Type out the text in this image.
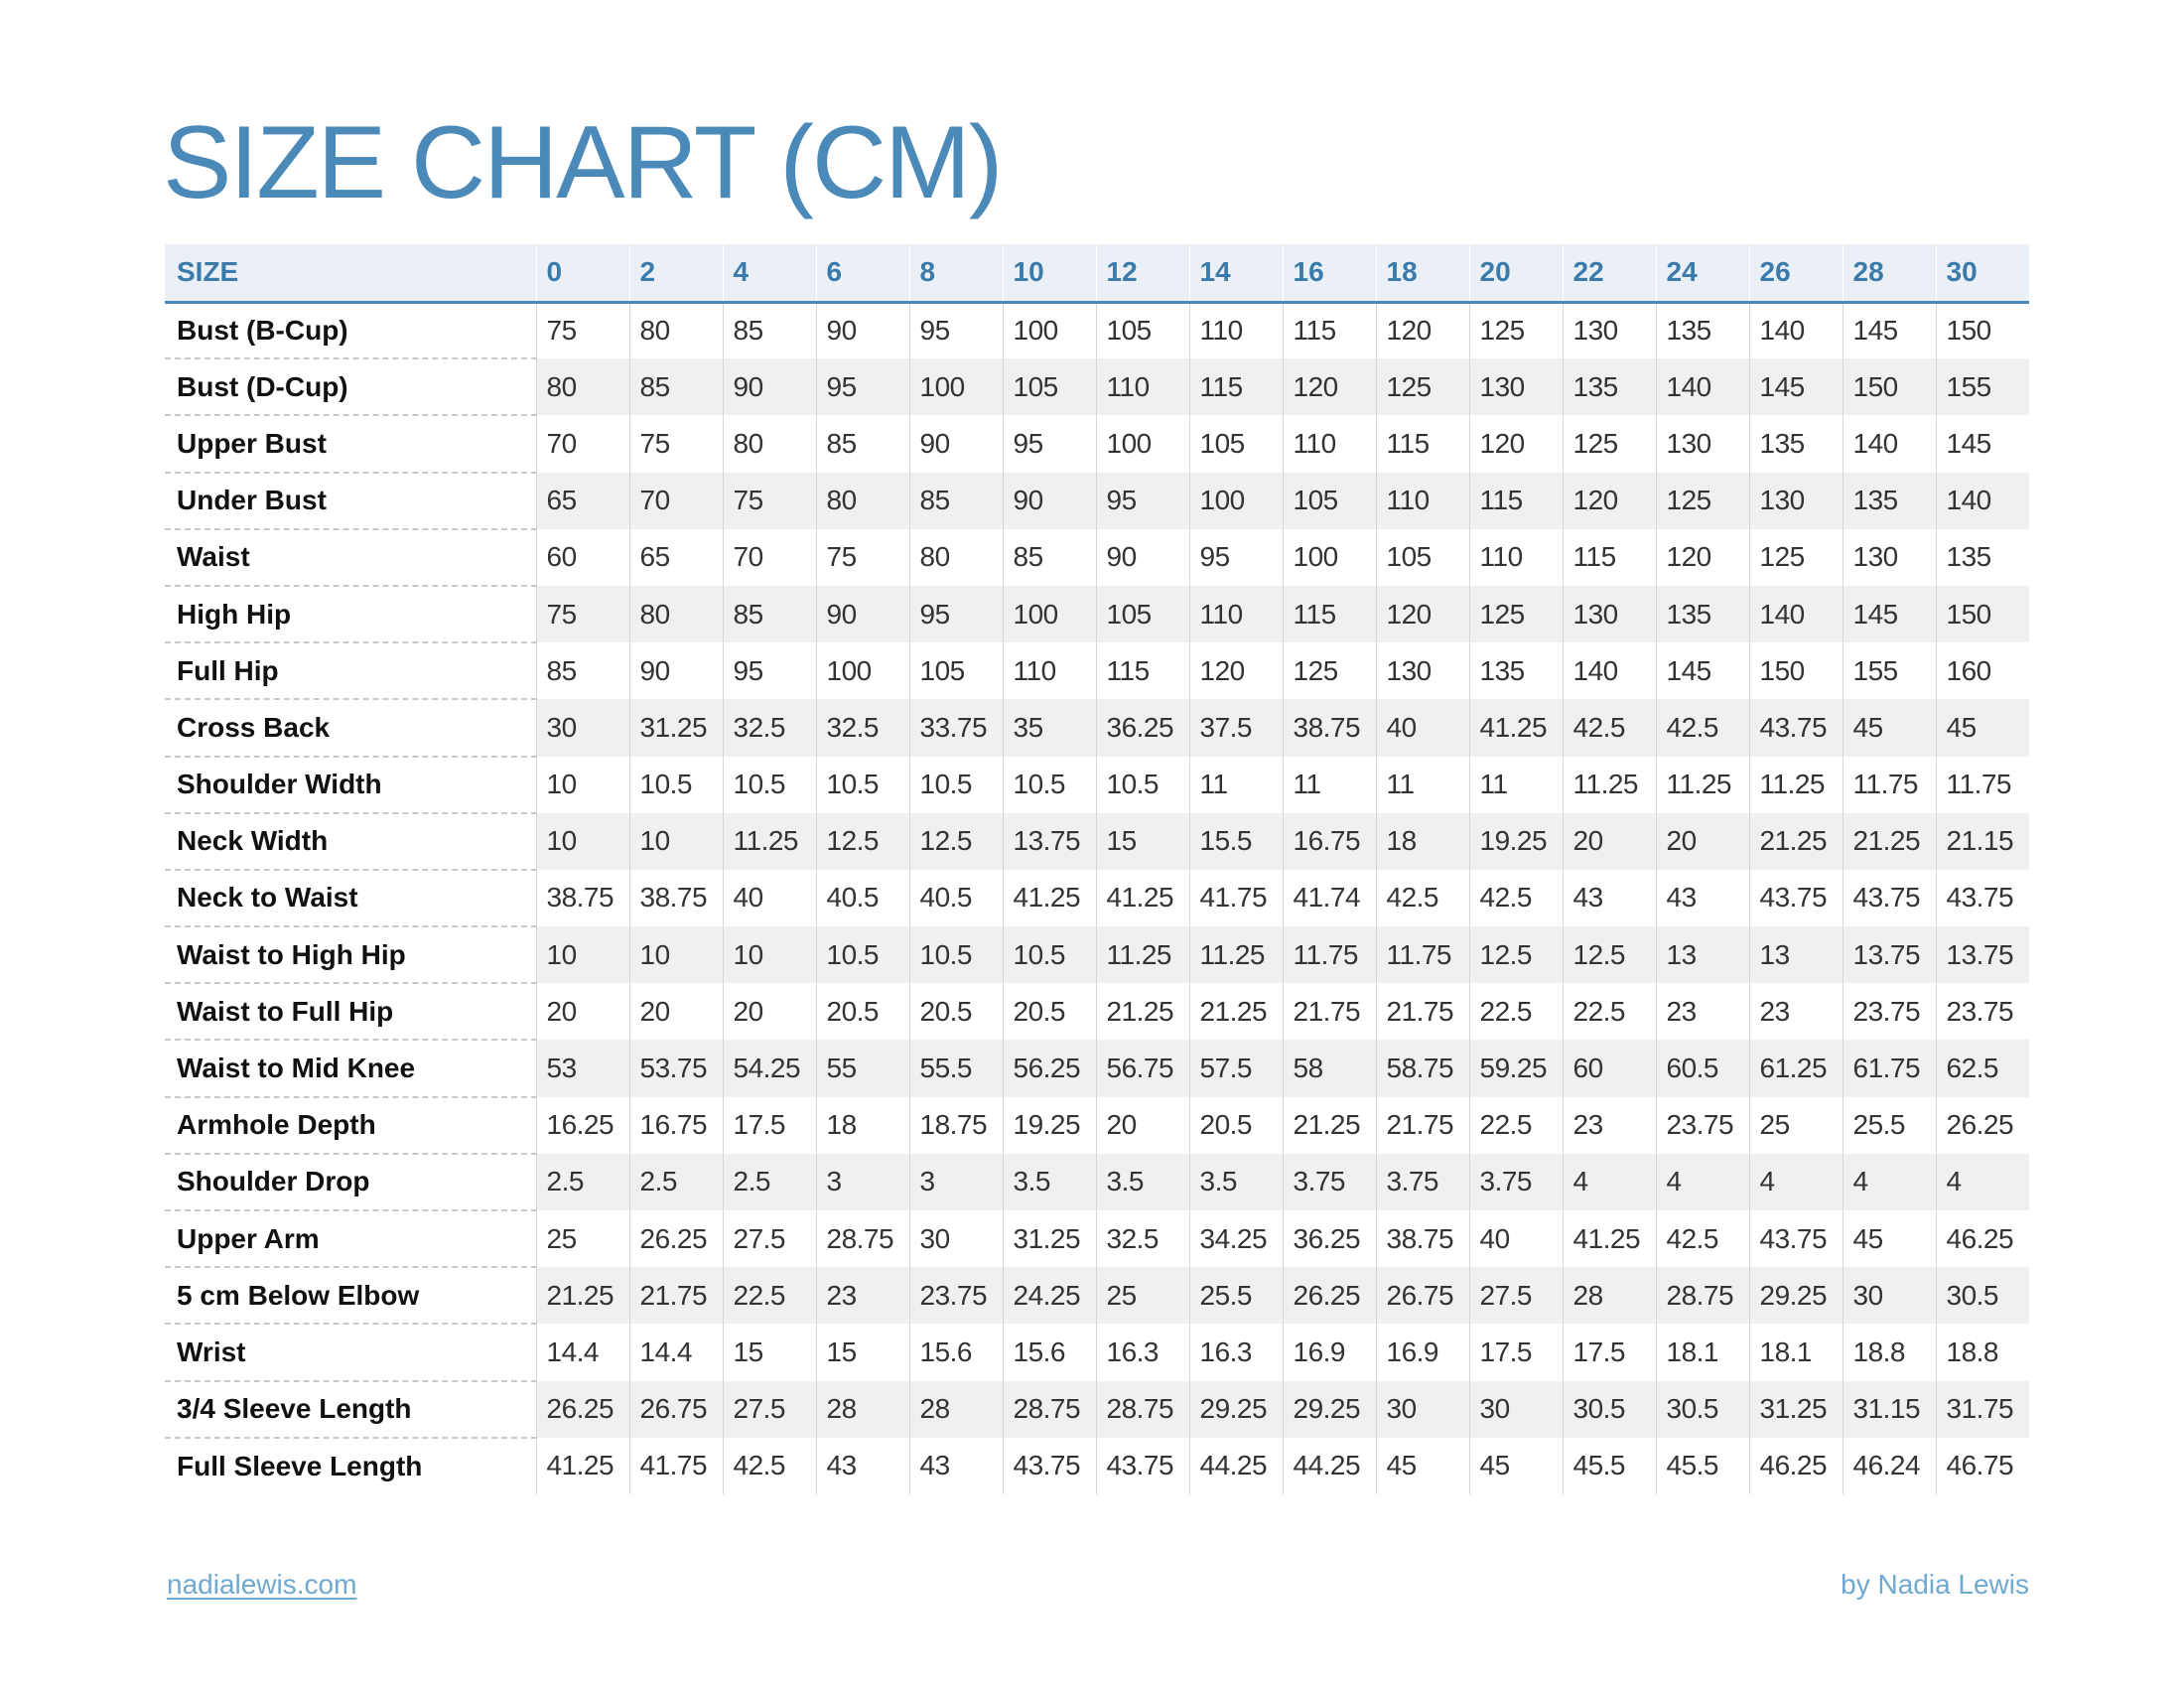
SIZE CHART (CM)
SIZE	0	2	4	6	8	10	12	14	16	18	20	22	24	26	28	30
Bust (B-Cup)	75	80	85	90	95	100	105	110	115	120	125	130	135	140	145	150
Bust (D-Cup)	80	85	90	95	100	105	110	115	120	125	130	135	140	145	150	155
Upper Bust	70	75	80	85	90	95	100	105	110	115	120	125	130	135	140	145
Under Bust	65	70	75	80	85	90	95	100	105	110	115	120	125	130	135	140
Waist	60	65	70	75	80	85	90	95	100	105	110	115	120	125	130	135
High Hip	75	80	85	90	95	100	105	110	115	120	125	130	135	140	145	150
Full Hip	85	90	95	100	105	110	115	120	125	130	135	140	145	150	155	160
Cross Back	30	31.25	32.5	32.5	33.75	35	36.25	37.5	38.75	40	41.25	42.5	42.5	43.75	45	45
Shoulder Width	10	10.5	10.5	10.5	10.5	10.5	10.5	11	11	11	11	11.25	11.25	11.25	11.75	11.75
Neck Width	10	10	11.25	12.5	12.5	13.75	15	15.5	16.75	18	19.25	20	20	21.25	21.25	21.15
Neck to Waist	38.75	38.75	40	40.5	40.5	41.25	41.25	41.75	41.74	42.5	42.5	43	43	43.75	43.75	43.75
Waist to High Hip	10	10	10	10.5	10.5	10.5	11.25	11.25	11.75	11.75	12.5	12.5	13	13	13.75	13.75
Waist to Full Hip	20	20	20	20.5	20.5	20.5	21.25	21.25	21.75	21.75	22.5	22.5	23	23	23.75	23.75
Waist to Mid Knee	53	53.75	54.25	55	55.5	56.25	56.75	57.5	58	58.75	59.25	60	60.5	61.25	61.75	62.5
Armhole Depth	16.25	16.75	17.5	18	18.75	19.25	20	20.5	21.25	21.75	22.5	23	23.75	25	25.5	26.25
Shoulder Drop	2.5	2.5	2.5	3	3	3.5	3.5	3.5	3.75	3.75	3.75	4	4	4	4	4
Upper Arm	25	26.25	27.5	28.75	30	31.25	32.5	34.25	36.25	38.75	40	41.25	42.5	43.75	45	46.25
5 cm Below Elbow	21.25	21.75	22.5	23	23.75	24.25	25	25.5	26.25	26.75	27.5	28	28.75	29.25	30	30.5
Wrist	14.4	14.4	15	15	15.6	15.6	16.3	16.3	16.9	16.9	17.5	17.5	18.1	18.1	18.8	18.8
3/4 Sleeve Length	26.25	26.75	27.5	28	28	28.75	28.75	29.25	29.25	30	30	30.5	30.5	31.25	31.15	31.75
Full Sleeve Length	41.25	41.75	42.5	43	43	43.75	43.75	44.25	44.25	45	45	45.5	45.5	46.25	46.24	46.75
nadialewis.com	by Nadia Lewis
